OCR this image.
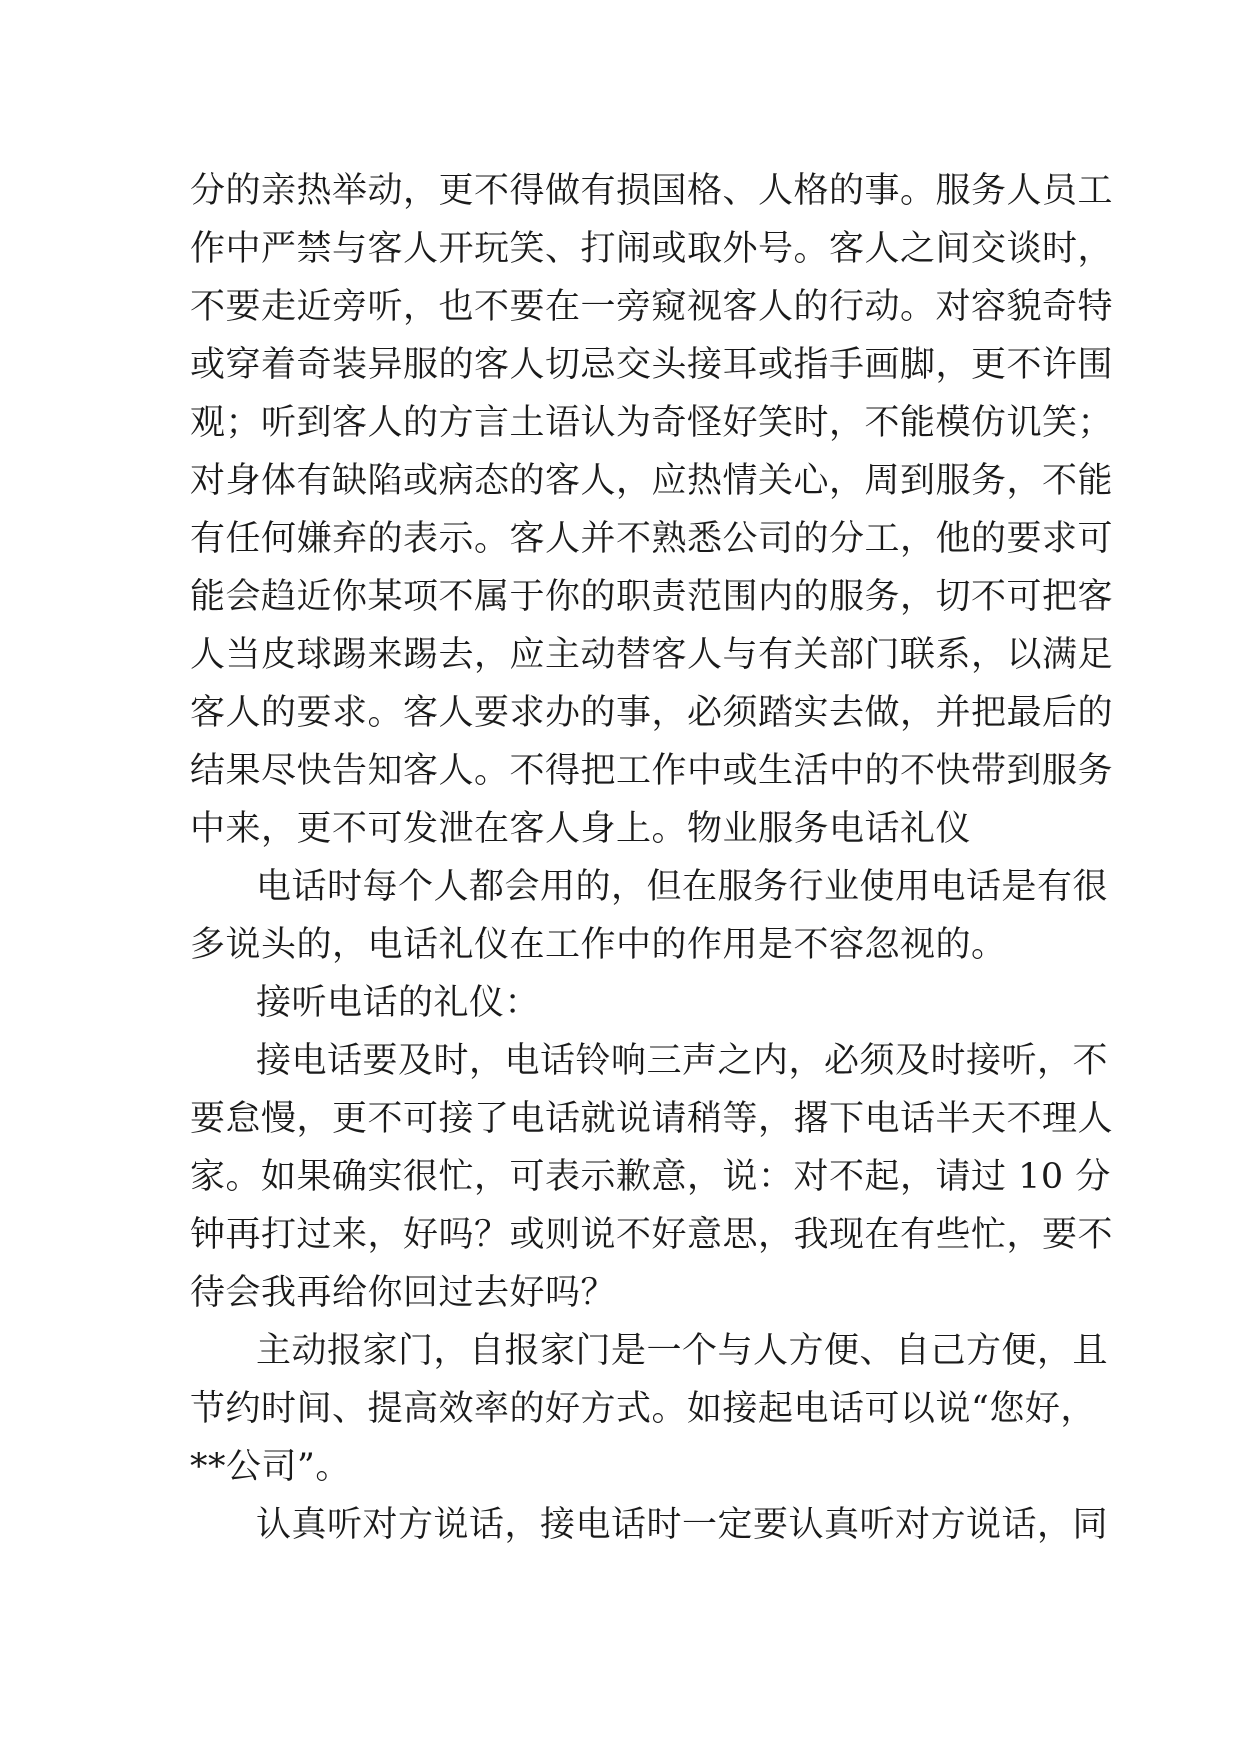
分的亲热举动，更不得做有损国格、人格的事。服务人员工
作中严禁与客人开玩笑、打闹或取外号。客人之间交谈时，
不要走近旁听，也不要在一旁窥视客人的行动。对容貌奇特
或穿着奇装异服的客人切忌交头接耳或指手画脚，更不许围
观；听到客人的方言土语认为奇怪好笑时，不能模仿讥笑；
对身体有缺陷或病态的客人，应热情关心，周到服务，不能
有任何嫌弃的表示。客人并不熟悉公司的分工，他的要求可
能会趋近你某项不属于你的职责范围内的服务，切不可把客
人当皮球踢来踢去，应主动替客人与有关部门联系，以满足
客人的要求。客人要求办的事，必须踏实去做，并把最后的
结果尽快告知客人。不得把工作中或生活中的不快带到服务
中来，更不可发泄在客人身上。物业服务电话礼仪
电话时每个人都会用的，但在服务行业使用电话是有很
多说头的，电话礼仪在工作中的作用是不容忽视的。
接听电话的礼仪：
接电话要及时，电话铃响三声之内，必须及时接听，不
要怠慢，更不可接了电话就说请稍等，撂下电话半天不理人
家。如果确实很忙，可表示歉意，说：对不起，请过 10 分
钟再打过来，好吗？或则说不好意思，我现在有些忙，要不
待会我再给你回过去好吗？
主动报家门，自报家门是一个与人方便、自己方便，且
节约时间、提高效率的好方式。如接起电话可以说“您好，
**公司”。
认真听对方说话，接电话时一定要认真听对方说话，同
